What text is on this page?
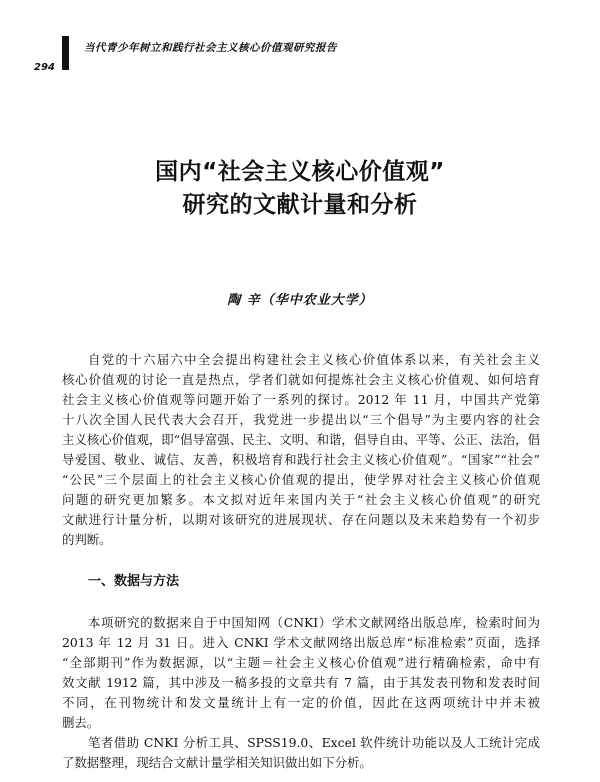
当代青少年树立和践行社会主义核心价值观研究报告
294
国内“社会主义核心价值观”
研究的文献计量和分析
陶 辛（华中农业大学）
自党的十六届六中全会提出构建社会主义核心价值体系以来，有关社会主义
核心价值观的讨论一直是热点，学者们就如何提炼社会主义核心价值观、如何培育
社会主义核心价值观等问题开始了一系列的探讨。2012 年 11 月，中国共产党第
十八次全国人民代表大会召开，我党进一步提出以“三个倡导”为主要内容的社会
主义核心价值观，即“倡导富强、民主、文明、和谐，倡导自由、平等、公正、法治，倡
导爱国、敬业、诚信、友善，积极培育和践行社会主义核心价值观”。“国家”“社会”
“公民”三个层面上的社会主义核心价值观的提出，使学界对社会主义核心价值观
问题的研究更加繁多。本文拟对近年来国内关于“社会主义核心价值观”的研究
文献进行计量分析，以期对该研究的进展现状、存在问题以及未来趋势有一个初步
的判断。
一、数据与方法
本项研究的数据来自于中国知网（CNKI）学术文献网络出版总库，检索时间为
2013 年 12 月 31 日。进入 CNKI 学术文献网络出版总库“标准检索”页面，选择
“全部期刊”作为数据源，以“主题＝社会主义核心价值观”进行精确检索，命中有
效文献 1912 篇，其中涉及一稿多投的文章共有 7 篇，由于其发表刊物和发表时间
不同，在刊物统计和发文量统计上有一定的价值，因此在这两项统计中并未被
删去。
笔者借助 CNKI 分析工具、SPSS19.0、Excel 软件统计功能以及人工统计完成
了数据整理，现结合文献计量学相关知识做出如下分析。
